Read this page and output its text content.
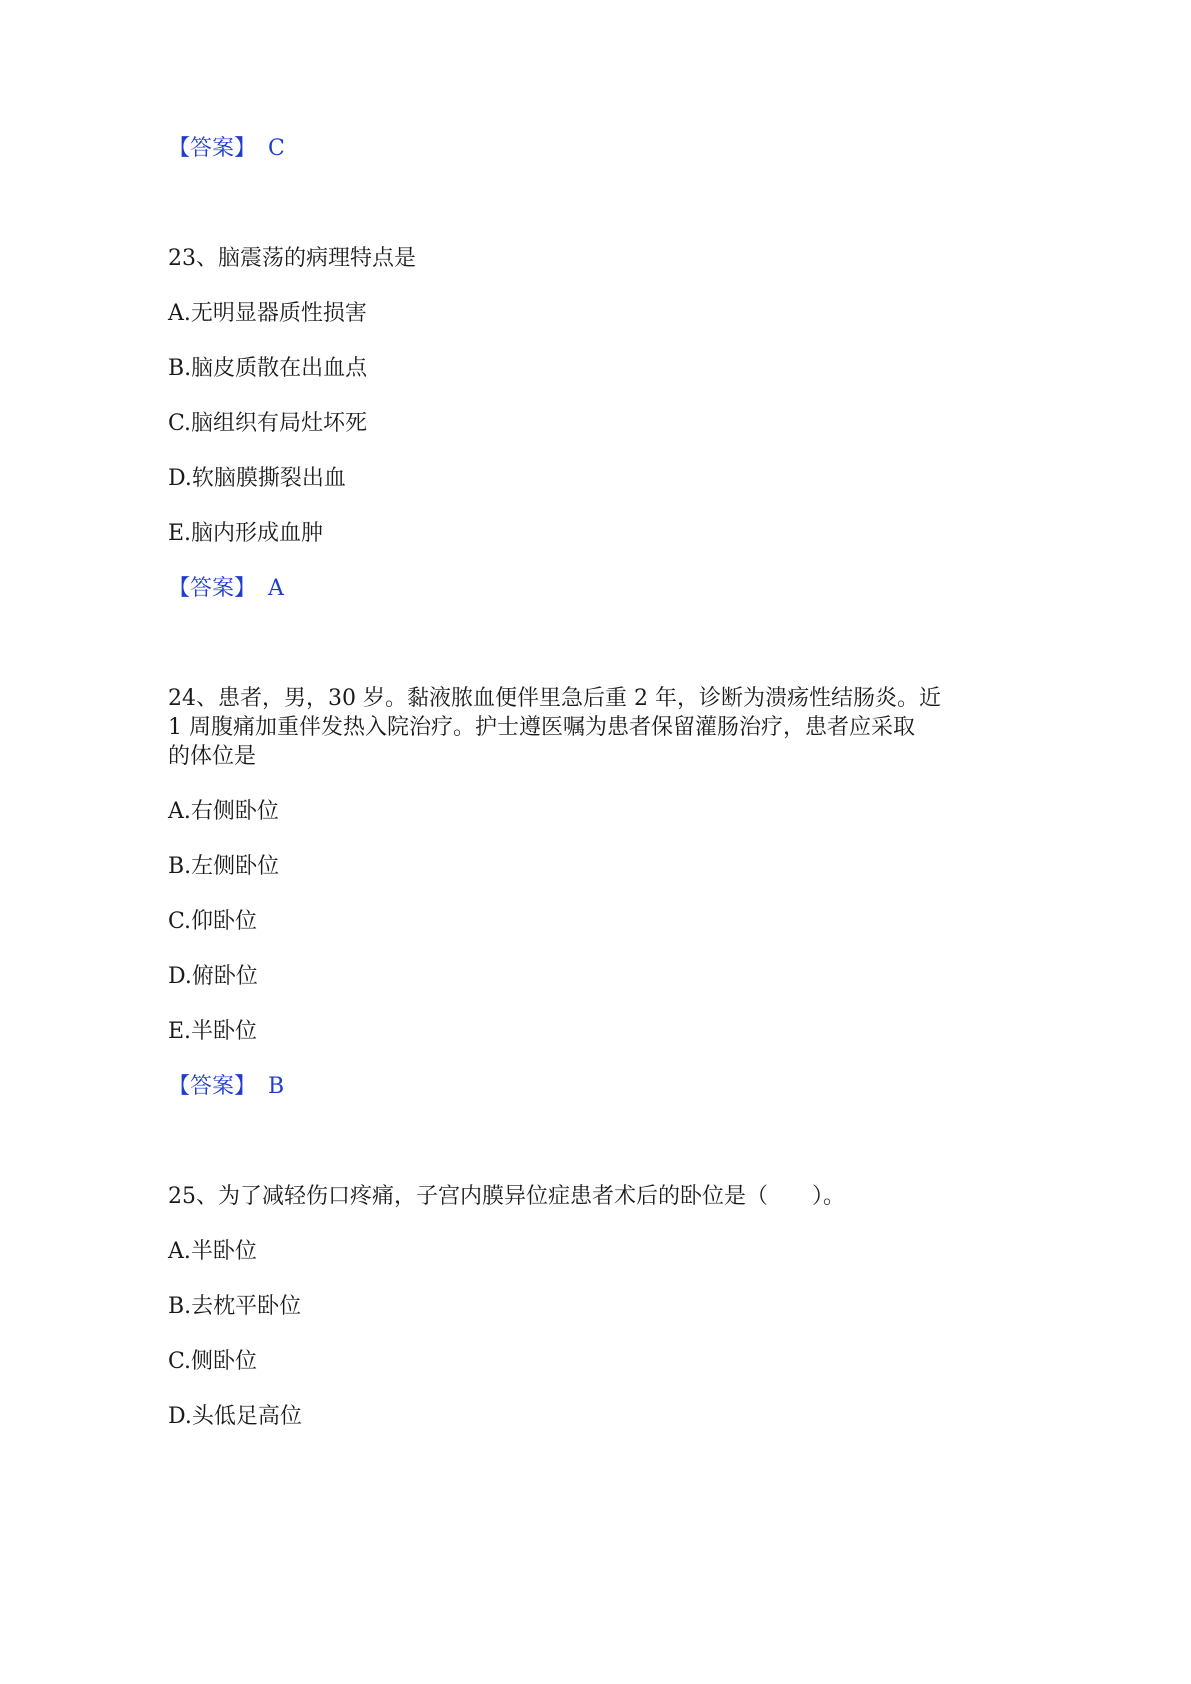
【答案】 C
23、脑震荡的病理特点是
A.无明显器质性损害
B.脑皮质散在出血点
C.脑组织有局灶坏死
D.软脑膜撕裂出血
E.脑内形成血肿
【答案】 A
24、患者，男，30 岁。黏液脓血便伴里急后重 2 年，诊断为溃疡性结肠炎。近
1 周腹痛加重伴发热入院治疗。护士遵医嘱为患者保留灌肠治疗，患者应采取
的体位是
A.右侧卧位
B.左侧卧位
C.仰卧位
D.俯卧位
E.半卧位
【答案】 B
25、为了减轻伤口疼痛，子宫内膜异位症患者术后的卧位是（　　）。
A.半卧位
B.去枕平卧位
C.侧卧位
D.头低足高位
